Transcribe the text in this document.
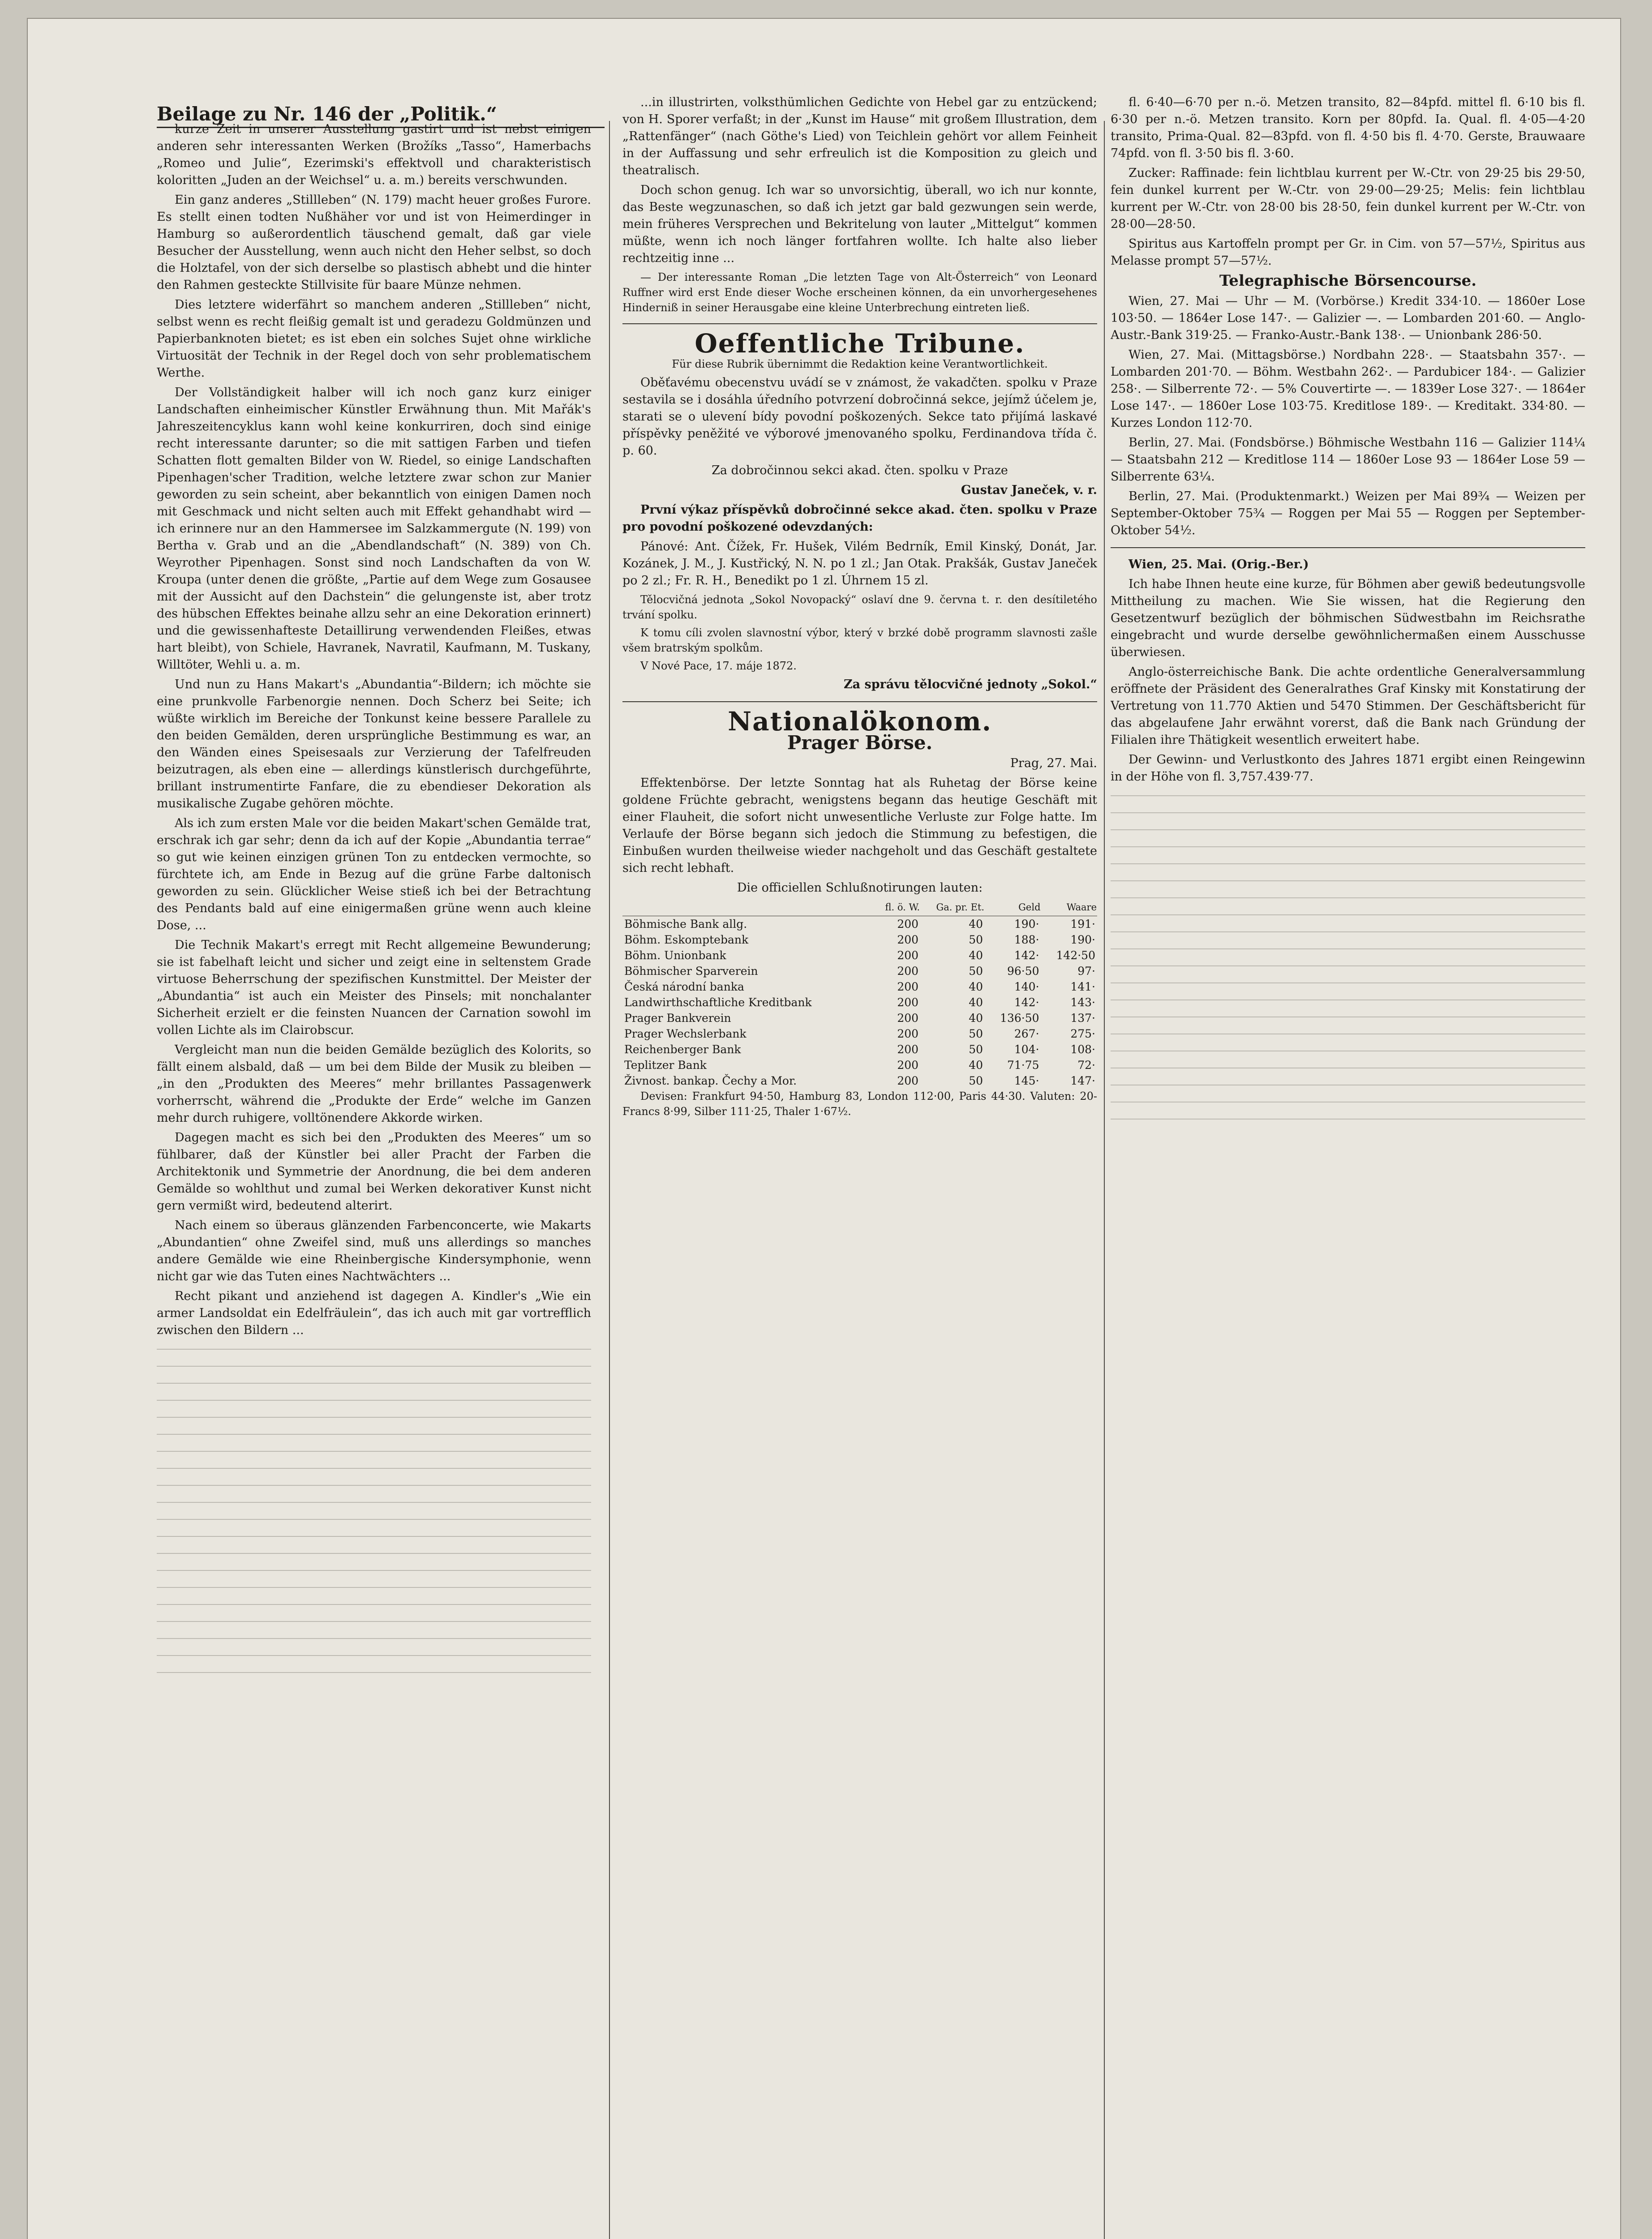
Beilage zu Nr. 146 der „Politik.“

kurze Zeit in unserer Ausstellung gastirt und ist nebst einigen anderen sehr interessanten Werken (Brožíks „Tasso“, Hamerbachs „Romeo und Julie“, Ezerimski's effektvoll und charakteristisch koloritten „Juden an der Weichsel“ u. a. m.) bereits verschwunden.

Ein ganz anderes „Stillleben“ (N. 179) macht heuer großes Furore. Es stellt einen todten Nußhäher vor und ist von Heimerdinger in Hamburg so außerordentlich täuschend gemalt, daß gar viele Besucher der Ausstellung, wenn auch nicht den Heher selbst, so doch die Holztafel, von der sich derselbe so plastisch abhebt und die hinter den Rahmen gesteckte Stillvisite für baare Münze nehmen.

Dies letztere widerfährt so manchem anderen „Stillleben“ nicht, selbst wenn es recht fleißig gemalt ist und geradezu Goldmünzen und Papierbanknoten bietet; es ist eben ein solches Sujet ohne wirkliche Virtuosität der Technik in der Regel doch von sehr problematischem Werthe.

Der Vollständigkeit halber will ich noch ganz kurz einiger Landschaften einheimischer Künstler Erwähnung thun. Mit Mařák's Jahreszeitencyklus kann wohl keine konkurriren, doch sind einige recht interessante darunter; so die mit sattigen Farben und tiefen Schatten flott gemalten Bilder von W. Riedel, so einige Landschaften Pipenhagen'scher Tradition, welche letztere zwar schon zur Manier geworden zu sein scheint, aber bekanntlich von einigen Damen noch mit Geschmack und nicht selten auch mit Effekt gehandhabt wird — ich erinnere nur an den Hammersee im Salzkammergute (N. 199) von Bertha v. Grab und an die „Abendlandschaft“ (N. 389) von Ch. Weyrother Pipenhagen. Sonst sind noch Landschaften da von W. Kroupa (unter denen die größte, „Partie auf dem Wege zum Gosausee mit der Aussicht auf den Dachstein“ die gelungenste ist, aber trotz des hübschen Effektes beinahe allzu sehr an eine Dekoration erinnert) und die gewissenhafteste Detaillirung verwendenden Fleißes, etwas hart bleibt), von Schiele, Havranek, Navratil, Kaufmann, M. Tuskany, Willtöter, Wehli u. a. m.

Und nun zu Hans Makart's „Abundantia“-Bildern; ich möchte sie eine prunkvolle Farbenorgie nennen. Doch Scherz bei Seite; ich wüßte wirklich im Bereiche der Tonkunst keine bessere Parallele zu den beiden Gemälden, deren ursprüngliche Bestimmung es war, an den Wänden eines Speisesaals zur Verzierung der Tafelfreuden beizutragen, als eben eine — allerdings künstlerisch durchgeführte, brillant instrumentirte Fanfare, die zu ebendieser Dekoration als musikalische Zugabe gehören möchte.

Als ich zum ersten Male vor die beiden Makart'schen Gemälde trat, erschrak ich gar sehr; denn da ich auf der Kopie „Abundantia terrae“ so gut wie keinen einzigen grünen Ton zu entdecken vermochte, so fürchtete ich, am Ende in Bezug auf die grüne Farbe daltonisch geworden zu sein. Glücklicher Weise stieß ich bei der Betrachtung des Pendants bald auf eine einigermaßen grüne wenn auch kleine Dose, ...

Die Technik Makart's erregt mit Recht allgemeine Bewunderung; sie ist fabelhaft leicht und sicher und zeigt eine in seltenstem Grade virtuose Beherrschung der spezifischen Kunstmittel. Der Meister der „Abundantia“ ist auch ein Meister des Pinsels; mit nonchalanter Sicherheit erzielt er die feinsten Nuancen der Carnation sowohl im vollen Lichte als im Clairobscur.

Vergleicht man nun die beiden Gemälde bezüglich des Kolorits, so fällt einem alsbald, daß — um bei dem Bilde der Musik zu bleiben — „in den „Produkten des Meeres“ mehr brillantes Passagenwerk vorherrscht, während die „Produkte der Erde“ welche im Ganzen mehr durch ruhigere, volltönendere Akkorde wirken.

Dagegen macht es sich bei den „Produkten des Meeres“ um so fühlbarer, daß der Künstler bei aller Pracht der Farben die Architektonik und Symmetrie der Anordnung, die bei dem anderen Gemälde so wohlthut und zumal bei Werken dekorativer Kunst nicht gern vermißt wird, bedeutend alterirt.

Nach einem so überaus glänzenden Farbenconcerte, wie Makarts „Abundantien“ ohne Zweifel sind, muß uns allerdings so manches andere Gemälde wie eine Rheinbergische Kindersymphonie, wenn nicht gar wie das Tuten eines Nachtwächters ...

Recht pikant und anziehend ist dagegen A. Kindler's „Wie ein armer Landsoldat ein Edelfräulein“, das ich auch mit gar vortrefflich zwischen den Bildern ...

...in illustrirten, volksthümlichen Gedichte von Hebel gar zu entzückend; von H. Sporer verfaßt; in der „Kunst im Hause“ mit großem Illustration, dem „Rattenfänger“ (nach Göthe's Lied) von Teichlein gehört vor allem Feinheit in der Auffassung und sehr erfreulich ist die Komposition zu gleich und theatralisch.

Doch schon genug. Ich war so unvorsichtig, überall, wo ich nur konnte, das Beste wegzunaschen, so daß ich jetzt gar bald gezwungen sein werde, mein früheres Versprechen und Bekritelung von lauter „Mittelgut“ kommen müßte, wenn ich noch länger fortfahren wollte. Ich halte also lieber rechtzeitig inne ...

— Der interessante Roman „Die letzten Tage von Alt-Österreich“ von Leonard Ruffner wird erst Ende dieser Woche erscheinen können, da ein unvorhergesehenes Hinderniß in seiner Herausgabe eine kleine Unterbrechung eintreten ließ.

Oeffentliche Tribune.

Für diese Rubrik übernimmt die Redaktion keine Verantwortlichkeit.

Oběťavému obecenstvu uvádí se v známost, že vakadčten. spolku v Praze sestavila se i dosáhla úředního potvrzení dobročinná sekce, jejímž účelem je, starati se o ulevení bídy povodní poškozených. Sekce tato přijímá laskavé příspěvky peněžité ve výborové jmenovaného spolku, Ferdinandova třída č. p. 60.

Za dobročinnou sekci akad. čten. spolku v Praze

Gustav Janeček, v. r.

První výkaz příspěvků dobročinné sekce akad. čten. spolku v Praze pro povodní poškozené odevzdaných:

Pánové: Ant. Čížek, Fr. Hušek, Vilém Bedrník, Emil Kinský, Donát, Jar. Kozánek, J. M., J. Kustřický, N. N. po 1 zl.; Jan Otak. Prakšák, Gustav Janeček po 2 zl.; Fr. R. H., Benedikt po 1 zl. Úhrnem 15 zl.

Tělocvičná jednota „Sokol Novopacký“ oslaví dne 9. června t. r. den desítiletého trvání spolku.

K tomu cíli zvolen slavnostní výbor, který v brzké době programm slavnosti zašle všem bratrským spolkům.

V Nové Pace, 17. máje 1872.

Za správu tělocvičné jednoty „Sokol.“

Nationalökonom.
Prager Börse.

Prag, 27. Mai.

Effektenbörse. Der letzte Sonntag hat als Ruhetag der Börse keine goldene Früchte gebracht, wenigstens begann das heutige Geschäft mit einer Flauheit, die sofort nicht unwesentliche Verluste zur Folge hatte. Im Verlaufe der Börse begann sich jedoch die Stimmung zu befestigen, die Einbußen wurden theilweise wieder nachgeholt und das Geschäft gestaltete sich recht lebhaft.

Die officiellen Schlußnotirungen lauten:

	fl. ö. W.	Ga. pr. Et.	Geld	Waare
Böhmische Bank allg.	200	40	190·	191·
Böhm. Eskomptebank	200	50	188·	190·
Böhm. Unionbank	200	40	142·	142·50
Böhmischer Sparverein	200	50	96·50	97·
Česká národní banka	200	40	140·	141·
Landwirthschaftliche Kreditbank	200	40	142·	143·
Prager Bankverein	200	40	136·50	137·
Prager Wechslerbank	200	50	267·	275·
Reichenberger Bank	200	50	104·	108·
Teplitzer Bank	200	40	71·75	72·
Živnost. bankap. Čechy a Mor.	200	50	145·	147·

Devisen: Frankfurt 94·50, Hamburg 83, London 112·00, Paris 44·30. Valuten: 20-Francs 8·99, Silber 111·25, Thaler 1·67½.

fl. 6·40—6·70 per n.-ö. Metzen transito, 82—84pfd. mittel fl. 6·10 bis fl. 6·30 per n.-ö. Metzen transito. Korn per 80pfd. Ia. Qual. fl. 4·05—4·20 transito, Prima-Qual. 82—83pfd. von fl. 4·50 bis fl. 4·70. Gerste, Brauwaare 74pfd. von fl. 3·50 bis fl. 3·60.

Zucker: Raffinade: fein lichtblau kurrent per W.-Ctr. von 29·25 bis 29·50, fein dunkel kurrent per W.-Ctr. von 29·00—29·25; Melis: fein lichtblau kurrent per W.-Ctr. von 28·00 bis 28·50, fein dunkel kurrent per W.-Ctr. von 28·00—28·50.

Spiritus aus Kartoffeln prompt per Gr. in Cim. von 57—57½, Spiritus aus Melasse prompt 57—57½.

Telegraphische Börsencourse.

Wien, 27. Mai — Uhr — M. (Vorbörse.) Kredit 334·10. — 1860er Lose 103·50. — 1864er Lose 147·. — Galizier —. — Lombarden 201·60. — Anglo-Austr.-Bank 319·25. — Franko-Austr.-Bank 138·. — Unionbank 286·50.

Wien, 27. Mai. (Mittagsbörse.) Nordbahn 228·. — Staatsbahn 357·. — Lombarden 201·70. — Böhm. Westbahn 262·. — Pardubicer 184·. — Galizier 258·. — Silberrente 72·. — 5% Couvertirte —. — 1839er Lose 327·. — 1864er Lose 147·. — 1860er Lose 103·75. Kreditlose 189·. — Kreditakt. 334·80. — Kurzes London 112·70.

Berlin, 27. Mai. (Fondsbörse.) Böhmische Westbahn 116 — Galizier 114¼ — Staatsbahn 212 — Kreditlose 114 — 1860er Lose 93 — 1864er Lose 59 — Silberrente 63¼.

Berlin, 27. Mai. (Produktenmarkt.) Weizen per Mai 89¾ — Weizen per September-Oktober 75¾ — Roggen per Mai 55 — Roggen per September-Oktober 54½.

Wien, 25. Mai. (Orig.-Ber.)

Ich habe Ihnen heute eine kurze, für Böhmen aber gewiß bedeutungsvolle Mittheilung zu machen. Wie Sie wissen, hat die Regierung den Gesetzentwurf bezüglich der böhmischen Südwestbahn im Reichsrathe eingebracht und wurde derselbe gewöhnlichermaßen einem Ausschusse überwiesen.

Anglo-österreichische Bank. Die achte ordentliche Generalversammlung eröffnete der Präsident des Generalrathes Graf Kinsky mit Konstatirung der Vertretung von 11.770 Aktien und 5470 Stimmen. Der Geschäftsbericht für das abgelaufene Jahr erwähnt vorerst, daß die Bank nach Gründung der Filialen ihre Thätigkeit wesentlich erweitert habe.

Der Gewinn- und Verlustkonto des Jahres 1871 ergibt einen Reingewinn in der Höhe von fl. 3,757.439·77.
